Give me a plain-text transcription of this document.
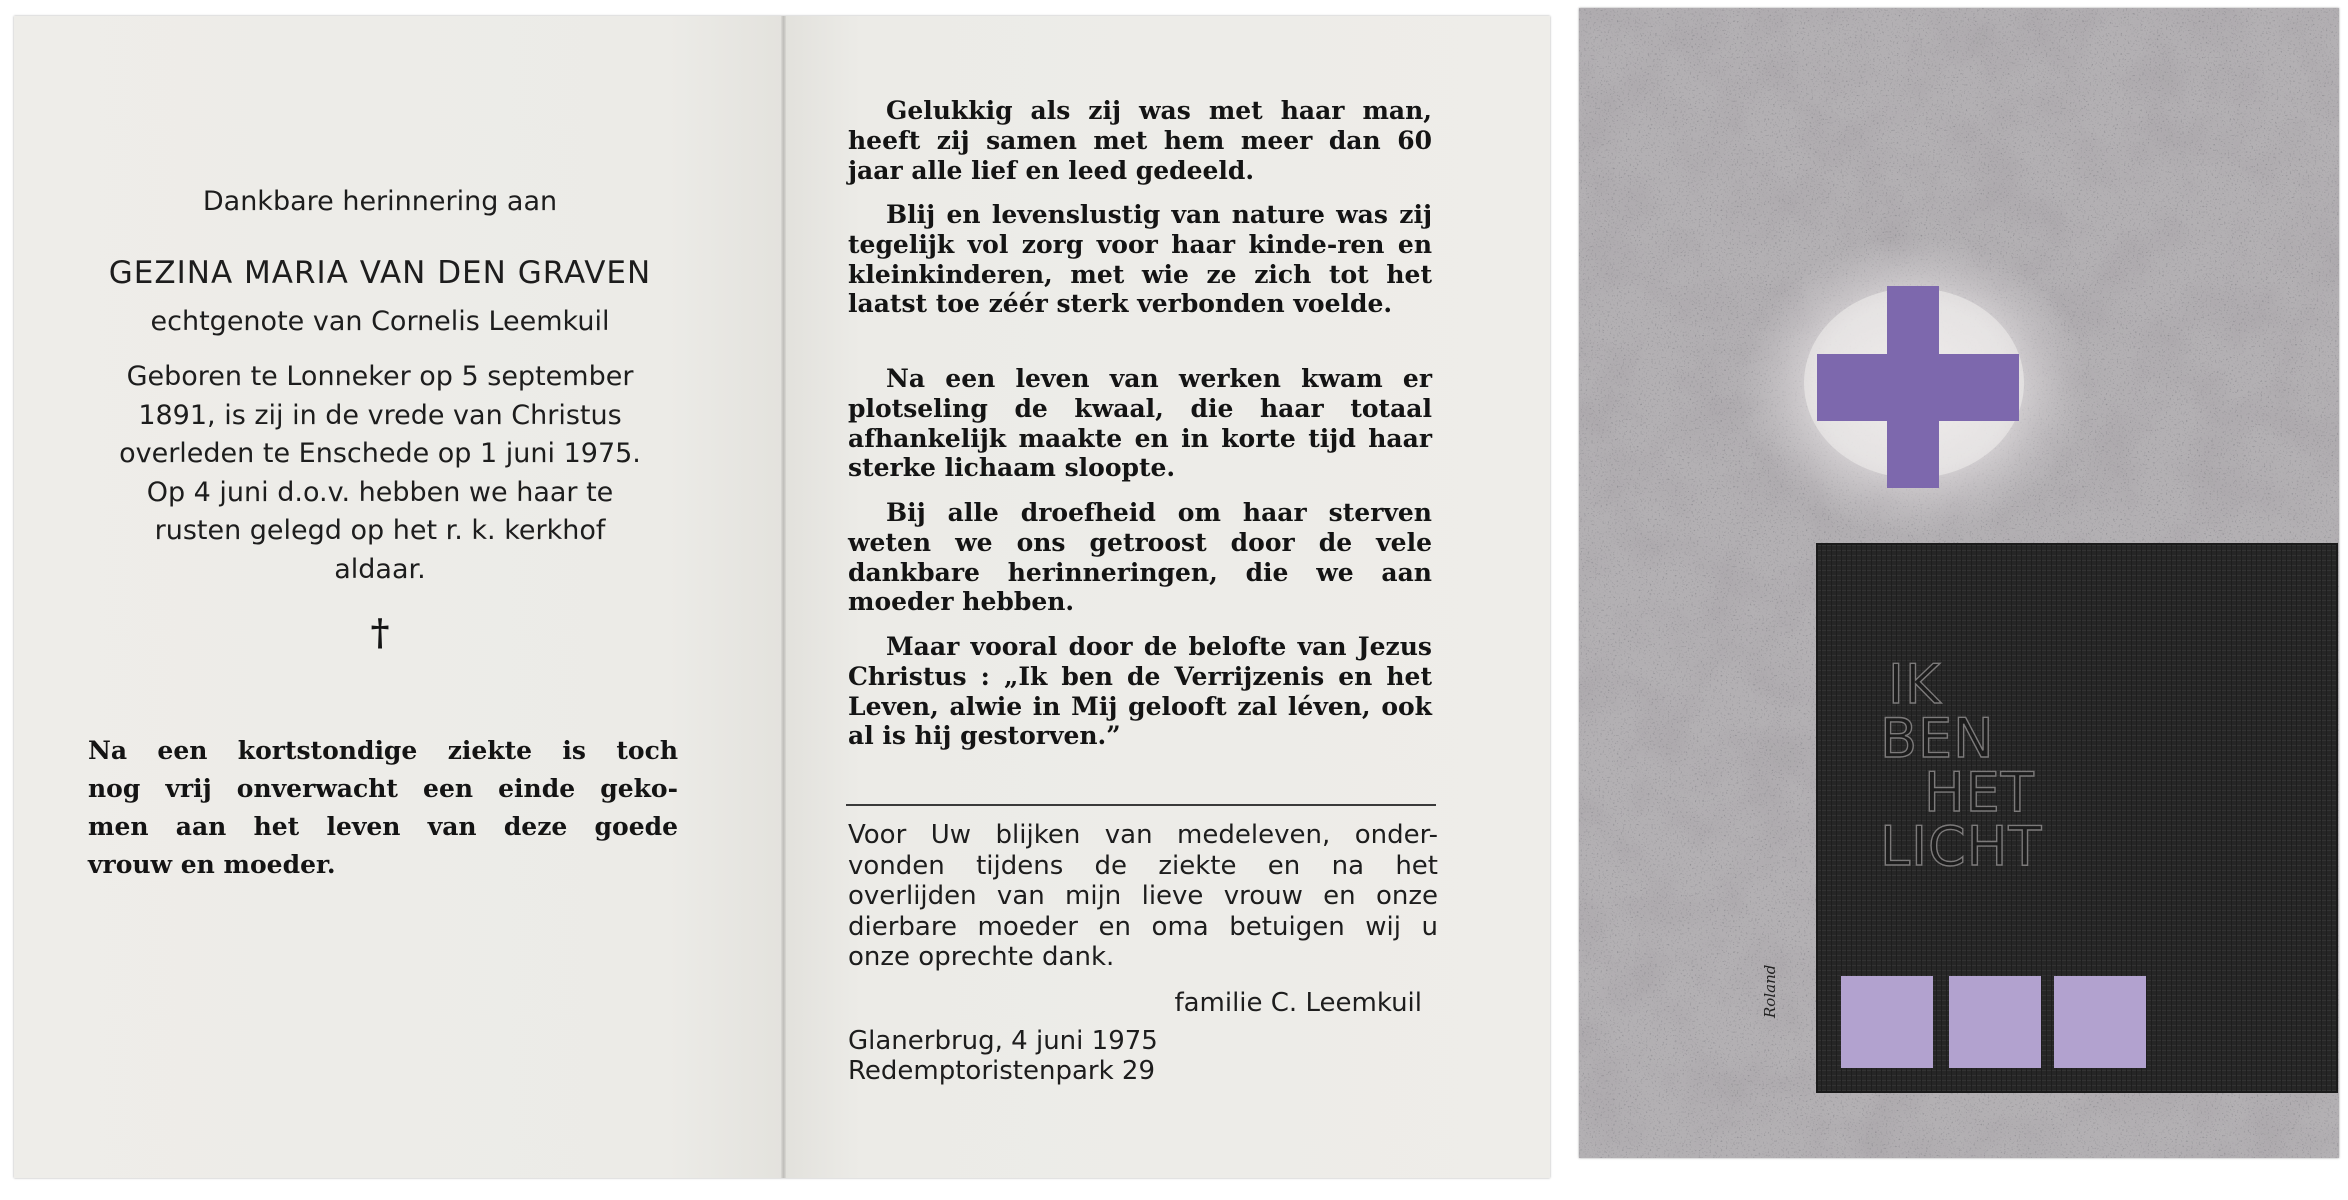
Dankbare herinnering aan
GEZINA MARIA VAN DEN GRAVEN
echtgenote van Cornelis Leemkuil
Geboren te Lonneker op 5 september
1891, is zij in de vrede van Christus
overleden te Enschede op 1 juni 1975.
Op 4 juni d.o.v. hebben we haar te
rusten gelegd op het r. k. kerkhof
aldaar.
†
Na een kortstondige ziekte is toch
nog vrij onverwacht een einde geko-
men aan het leven van deze goede
vrouw en moeder.
Gelukkig als zij was met haar man, heeft zij samen met hem meer dan 60 jaar alle lief en leed gedeeld.
Blij en levenslustig van nature was zij tegelijk vol zorg voor haar kinde-ren en kleinkinderen, met wie ze zich tot het laatst toe zéér sterk verbonden voelde.
Na een leven van werken kwam er plotseling de kwaal, die haar totaal afhankelijk maakte en in korte tijd haar sterke lichaam sloopte.
Bij alle droefheid om haar sterven weten we ons getroost door de vele dankbare herinneringen, die we aan moeder hebben.
Maar vooral door de belofte van Jezus Christus : „Ik ben de Verrijzenis en het Leven, alwie in Mij gelooft zal léven, ook al is hij gestorven.”
Voor Uw blijken van medeleven, onder-
vonden tijdens de ziekte en na het
overlijden van mijn lieve vrouw en onze
dierbare moeder en oma betuigen wij u
onze oprechte dank.
familie C. Leemkuil
Glanerbrug, 4 juni 1975
Redemptoristenpark 29
IK
BEN
HET
LICHT
Roland
